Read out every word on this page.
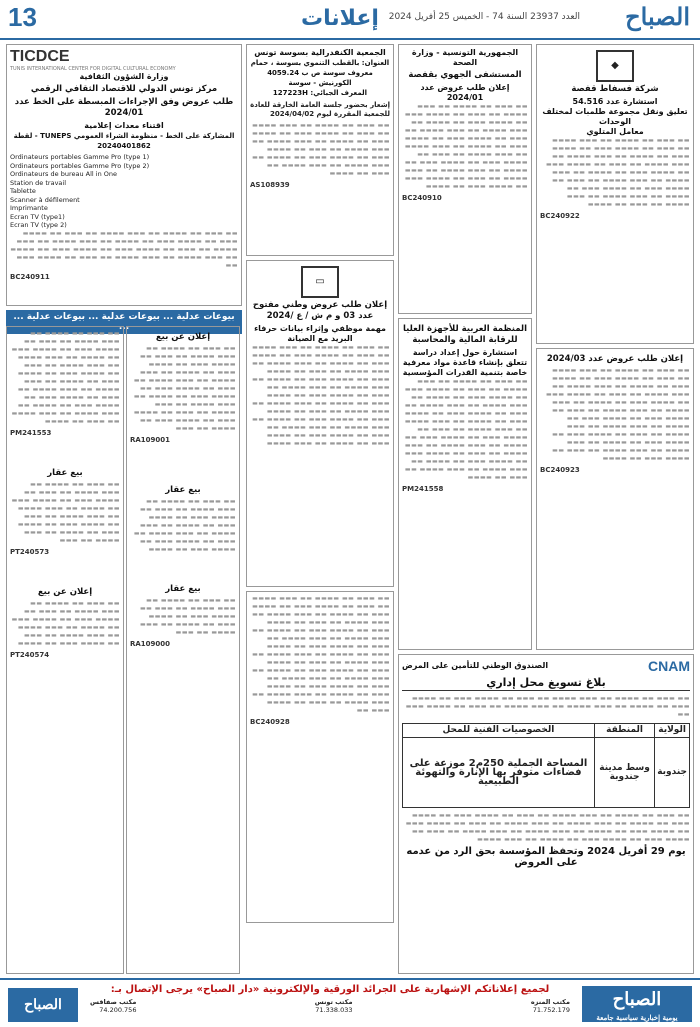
13	إعلانات	العدد 23937 السنة 74 - الخميس 25 أفريل 2024 الصباح
TICDCE
TUNIS INTERNATIONAL CENTER FOR DIGITAL CULTURAL ECONOMY
وزارة الشؤون الثقافية
مركز تونس الدولي للاقتصاد الثقافي الرقمي
طلب عروض وفق الإجراءات المبسطة على الخط عدد 2024/01
اقتناء معدات إعلامية
المشاركة على الخط - منظومة الشراء العمومي TUNEPS - لقطة 20240401862
Ordinateurs portables Gamme Pro (type 1)
Ordinateurs portables Gamme Pro (type 2)
Ordinateurs de bureau All in One
Station de travail
Tablette
Scanner à défilement
Imprimante
Ecran TV (type1)
Ecran TV (type 2)
▬▬ ▬▬▬ ▬▬ ▬▬▬▬ ▬▬ ▬▬▬ ▬▬▬▬ ▬▬ ▬▬▬ ▬▬ ▬▬▬▬ ▬▬▬ ▬▬ ▬▬▬▬ ▬▬▬ ▬▬ ▬▬▬▬ ▬▬ ▬▬▬ ▬▬▬▬ ▬▬ ▬▬▬ ▬▬▬▬ ▬▬ ▬▬▬ ▬▬ ▬▬▬▬ ▬▬▬ ▬▬ ▬▬▬▬ ▬▬▬ ▬▬ ▬▬▬▬ ▬▬ ▬▬▬ ▬▬▬▬ ▬▬ ▬▬▬ ▬▬▬▬ ▬▬ ▬▬▬ ▬▬ ▬▬▬▬ ▬▬▬ ▬▬
BC240911
... بيوعات عدلية ... بيوعات عدلية ... بيوعات عدلية ...
▬▬ ▬▬▬ ▬▬ ▬▬▬▬ ▬▬ ▬▬▬ ▬▬▬▬ ▬▬ ▬▬▬ ▬▬ ▬▬▬▬ ▬▬▬ ▬▬ ▬▬▬▬ ▬▬▬ ▬▬ ▬▬▬▬ ▬▬ ▬▬▬ ▬▬▬▬ ▬▬ ▬▬▬ ▬▬▬▬ ▬▬ ▬▬▬ ▬▬ ▬▬▬▬ ▬▬▬ ▬▬ ▬▬▬▬ ▬▬▬ ▬▬ ▬▬▬▬ ▬▬ ▬▬▬ ▬▬▬▬ ▬▬ ▬▬▬ ▬▬▬▬ ▬▬ ▬▬▬ ▬▬ ▬▬▬▬ ▬▬▬ ▬▬ ▬▬▬▬ ▬▬▬ ▬▬ ▬▬▬▬ ▬▬ ▬▬▬ ▬▬▬▬ ▬▬ ▬▬▬ ▬▬▬▬ ▬▬ ▬▬▬ ▬▬ ▬▬▬▬
PM241553
بيع عقار
▬▬ ▬▬▬ ▬▬ ▬▬▬▬ ▬▬ ▬▬▬ ▬▬▬▬ ▬▬ ▬▬▬ ▬▬ ▬▬▬▬ ▬▬▬ ▬▬ ▬▬▬▬ ▬▬▬ ▬▬ ▬▬▬▬ ▬▬ ▬▬▬ ▬▬▬▬ ▬▬ ▬▬▬ ▬▬▬▬ ▬▬ ▬▬▬ ▬▬ ▬▬▬▬ ▬▬▬ ▬▬ ▬▬▬▬ ▬▬▬ ▬▬ ▬▬▬▬ ▬▬ ▬▬▬ ▬▬▬▬ ▬▬ ▬▬▬
PT240573
إعلان عن بيع
▬▬ ▬▬▬ ▬▬ ▬▬▬▬ ▬▬ ▬▬▬ ▬▬▬▬ ▬▬ ▬▬▬ ▬▬ ▬▬▬▬ ▬▬▬ ▬▬ ▬▬▬▬ ▬▬▬ ▬▬ ▬▬▬▬ ▬▬ ▬▬▬ ▬▬▬▬ ▬▬ ▬▬▬ ▬▬▬▬ ▬▬ ▬▬▬ ▬▬ ▬▬▬▬ ▬▬▬ ▬▬ ▬▬▬▬
PT240574
إعلان عن بيع
▬▬ ▬▬▬ ▬▬ ▬▬▬▬ ▬▬ ▬▬▬ ▬▬▬▬ ▬▬ ▬▬▬ ▬▬ ▬▬▬▬ ▬▬▬ ▬▬ ▬▬▬▬ ▬▬▬ ▬▬ ▬▬▬▬ ▬▬ ▬▬▬ ▬▬▬▬ ▬▬ ▬▬▬ ▬▬▬▬ ▬▬ ▬▬▬ ▬▬ ▬▬▬▬ ▬▬▬ ▬▬ ▬▬▬▬ ▬▬▬ ▬▬ ▬▬▬▬ ▬▬ ▬▬▬ ▬▬▬▬ ▬▬ ▬▬▬ ▬▬▬▬ ▬▬ ▬▬▬ ▬▬ ▬▬▬▬ ▬▬▬ ▬▬ ▬▬▬▬ ▬▬▬ ▬▬ ▬▬▬▬ ▬▬ ▬▬▬
RA109001
بيع عقار
▬▬ ▬▬▬ ▬▬ ▬▬▬▬ ▬▬ ▬▬▬ ▬▬▬▬ ▬▬ ▬▬▬ ▬▬ ▬▬▬▬ ▬▬▬ ▬▬ ▬▬▬▬ ▬▬▬ ▬▬ ▬▬▬▬ ▬▬ ▬▬▬ ▬▬▬▬ ▬▬ ▬▬▬ ▬▬▬▬ ▬▬ ▬▬▬ ▬▬ ▬▬▬▬ ▬▬▬ ▬▬ ▬▬▬▬ ▬▬▬ ▬▬ ▬▬▬▬
بيع عقار
▬▬ ▬▬▬ ▬▬ ▬▬▬▬ ▬▬ ▬▬▬ ▬▬▬▬ ▬▬ ▬▬▬ ▬▬ ▬▬▬▬ ▬▬▬ ▬▬ ▬▬▬▬ ▬▬▬ ▬▬ ▬▬▬▬ ▬▬ ▬▬▬ ▬▬▬▬ ▬▬ ▬▬▬
RA109000
الجمعية الكنفدرالية بسوسة تونس
العنوان: بالقطب التنموي بسوسة ، حمام معروف سوسة ص ب 4059.24 الكورنيش - سوسة
المعرف الجبائي: 127223H
إشعار بحضور جلسة العامة الخارقة للعادة للجمعية المقررة ليوم 2024/04/02
▬▬ ▬▬▬ ▬▬ ▬▬▬▬ ▬▬ ▬▬▬ ▬▬▬▬ ▬▬ ▬▬▬ ▬▬ ▬▬▬▬ ▬▬▬ ▬▬ ▬▬▬▬ ▬▬▬ ▬▬ ▬▬▬▬ ▬▬ ▬▬▬ ▬▬▬▬ ▬▬ ▬▬▬ ▬▬▬▬ ▬▬ ▬▬▬ ▬▬ ▬▬▬▬ ▬▬▬ ▬▬ ▬▬▬▬ ▬▬▬ ▬▬ ▬▬▬▬ ▬▬ ▬▬▬ ▬▬▬▬ ▬▬ ▬▬▬ ▬▬▬▬ ▬▬ ▬▬▬ ▬▬ ▬▬▬▬
AS108939
▭
إعلان طلب عروض وطني مفتوح عدد 03 و م ش / ع /2024
مهمة موظفي وإثراء بيانات حرفاء البريد مع الصيانة
▬▬ ▬▬▬ ▬▬ ▬▬▬▬ ▬▬ ▬▬▬ ▬▬▬▬ ▬▬ ▬▬▬ ▬▬ ▬▬▬▬ ▬▬▬ ▬▬ ▬▬▬▬ ▬▬▬ ▬▬ ▬▬▬▬ ▬▬ ▬▬▬ ▬▬▬▬ ▬▬ ▬▬▬ ▬▬▬▬ ▬▬ ▬▬▬ ▬▬ ▬▬▬▬ ▬▬▬ ▬▬ ▬▬▬▬ ▬▬▬ ▬▬ ▬▬▬▬ ▬▬ ▬▬▬ ▬▬▬▬ ▬▬ ▬▬▬ ▬▬▬▬ ▬▬ ▬▬▬ ▬▬ ▬▬▬▬ ▬▬▬ ▬▬ ▬▬▬▬ ▬▬▬ ▬▬ ▬▬▬▬ ▬▬ ▬▬▬ ▬▬▬▬ ▬▬ ▬▬▬ ▬▬▬▬ ▬▬ ▬▬▬ ▬▬ ▬▬▬▬ ▬▬▬ ▬▬ ▬▬▬▬ ▬▬▬ ▬▬ ▬▬▬▬ ▬▬ ▬▬▬ ▬▬▬▬ ▬▬ ▬▬▬ ▬▬▬▬ ▬▬ ▬▬▬ ▬▬ ▬▬▬▬ ▬▬▬ ▬▬ ▬▬▬▬ ▬▬▬ ▬▬ ▬▬▬▬ ▬▬ ▬▬▬ ▬▬▬▬
▬▬ ▬▬▬ ▬▬ ▬▬▬▬ ▬▬ ▬▬▬ ▬▬▬▬ ▬▬ ▬▬▬ ▬▬ ▬▬▬▬ ▬▬▬ ▬▬ ▬▬▬▬ ▬▬▬ ▬▬ ▬▬▬▬ ▬▬ ▬▬▬ ▬▬▬▬ ▬▬ ▬▬▬ ▬▬▬▬ ▬▬ ▬▬▬ ▬▬ ▬▬▬▬ ▬▬▬ ▬▬ ▬▬▬▬ ▬▬▬ ▬▬ ▬▬▬▬ ▬▬ ▬▬▬ ▬▬▬▬ ▬▬ ▬▬▬ ▬▬▬▬ ▬▬ ▬▬▬ ▬▬ ▬▬▬▬ ▬▬▬ ▬▬ ▬▬▬▬ ▬▬▬ ▬▬ ▬▬▬▬ ▬▬ ▬▬▬ ▬▬▬▬ ▬▬ ▬▬▬ ▬▬▬▬ ▬▬ ▬▬▬ ▬▬ ▬▬▬▬ ▬▬▬ ▬▬ ▬▬▬▬ ▬▬▬ ▬▬ ▬▬▬▬ ▬▬ ▬▬▬ ▬▬▬▬ ▬▬ ▬▬▬ ▬▬▬▬ ▬▬ ▬▬▬ ▬▬ ▬▬▬▬ ▬▬▬ ▬▬ ▬▬▬▬ ▬▬▬ ▬▬ ▬▬▬▬ ▬▬ ▬▬▬ ▬▬▬▬ ▬▬ ▬▬▬ ▬▬▬▬ ▬▬ ▬▬▬ ▬▬ ▬▬▬▬ ▬▬▬ ▬▬
BC240928
الجمهورية التونسية - وزارة الصحة
المستشفى الجهوي بقفصة
إعلان طلب عروض عدد 2024/01
▬▬ ▬▬▬ ▬▬ ▬▬▬▬ ▬▬ ▬▬▬ ▬▬▬▬ ▬▬ ▬▬▬ ▬▬ ▬▬▬▬ ▬▬▬ ▬▬ ▬▬▬▬ ▬▬▬ ▬▬ ▬▬▬▬ ▬▬ ▬▬▬ ▬▬▬▬ ▬▬ ▬▬▬ ▬▬▬▬ ▬▬ ▬▬▬ ▬▬ ▬▬▬▬ ▬▬▬ ▬▬ ▬▬▬▬ ▬▬▬ ▬▬ ▬▬▬▬ ▬▬ ▬▬▬ ▬▬▬▬ ▬▬ ▬▬▬ ▬▬▬▬ ▬▬ ▬▬▬ ▬▬ ▬▬▬▬ ▬▬▬ ▬▬ ▬▬▬▬ ▬▬▬ ▬▬ ▬▬▬▬ ▬▬ ▬▬▬ ▬▬▬▬ ▬▬ ▬▬▬ ▬▬▬▬ ▬▬ ▬▬▬ ▬▬ ▬▬▬▬ ▬▬▬ ▬▬ ▬▬▬▬ ▬▬▬ ▬▬ ▬▬▬▬
BC240910
المنظمة العربية للأجهزة العليا للرقابة المالية والمحاسبة
استشارة حول إعداد دراسة تتعلق بإنشاء قاعدة مواد معرفية خاصة بتنمية القدرات المؤسسية
▬▬ ▬▬▬ ▬▬ ▬▬▬▬ ▬▬ ▬▬▬ ▬▬▬▬ ▬▬ ▬▬▬ ▬▬ ▬▬▬▬ ▬▬▬ ▬▬ ▬▬▬▬ ▬▬▬ ▬▬ ▬▬▬▬ ▬▬ ▬▬▬ ▬▬▬▬ ▬▬ ▬▬▬ ▬▬▬▬ ▬▬ ▬▬▬ ▬▬ ▬▬▬▬ ▬▬▬ ▬▬ ▬▬▬▬ ▬▬▬ ▬▬ ▬▬▬▬ ▬▬ ▬▬▬ ▬▬▬▬ ▬▬ ▬▬▬ ▬▬▬▬ ▬▬ ▬▬▬ ▬▬ ▬▬▬▬ ▬▬▬ ▬▬ ▬▬▬▬ ▬▬▬ ▬▬ ▬▬▬▬ ▬▬ ▬▬▬ ▬▬▬▬ ▬▬ ▬▬▬ ▬▬▬▬ ▬▬ ▬▬▬ ▬▬ ▬▬▬▬ ▬▬▬ ▬▬ ▬▬▬▬ ▬▬▬ ▬▬ ▬▬▬▬ ▬▬ ▬▬▬ ▬▬▬▬ ▬▬ ▬▬▬ ▬▬▬▬ ▬▬ ▬▬▬ ▬▬ ▬▬▬▬
PM241558
◆
شركة فسفاط قفصة
استشارة عدد 54.516
تعليق ونقل مجموعة طلمبات لمختلف الوحدات
معامل المتلوي
▬▬ ▬▬▬ ▬▬ ▬▬▬▬ ▬▬ ▬▬▬ ▬▬▬▬ ▬▬ ▬▬▬ ▬▬ ▬▬▬▬ ▬▬▬ ▬▬ ▬▬▬▬ ▬▬▬ ▬▬ ▬▬▬▬ ▬▬ ▬▬▬ ▬▬▬▬ ▬▬ ▬▬▬ ▬▬▬▬ ▬▬ ▬▬▬ ▬▬ ▬▬▬▬ ▬▬▬ ▬▬ ▬▬▬▬ ▬▬▬ ▬▬ ▬▬▬▬ ▬▬ ▬▬▬ ▬▬▬▬ ▬▬ ▬▬▬ ▬▬▬▬ ▬▬ ▬▬▬ ▬▬ ▬▬▬▬ ▬▬▬ ▬▬ ▬▬▬▬ ▬▬▬ ▬▬ ▬▬▬▬ ▬▬ ▬▬▬ ▬▬▬▬ ▬▬ ▬▬▬ ▬▬▬▬ ▬▬ ▬▬▬ ▬▬ ▬▬▬▬
BC240922
إعلان طلب عروض عدد 2024/03
▬▬ ▬▬▬ ▬▬ ▬▬▬▬ ▬▬ ▬▬▬ ▬▬▬▬ ▬▬ ▬▬▬ ▬▬ ▬▬▬▬ ▬▬▬ ▬▬ ▬▬▬▬ ▬▬▬ ▬▬ ▬▬▬▬ ▬▬ ▬▬▬ ▬▬▬▬ ▬▬ ▬▬▬ ▬▬▬▬ ▬▬ ▬▬▬ ▬▬ ▬▬▬▬ ▬▬▬ ▬▬ ▬▬▬▬ ▬▬▬ ▬▬ ▬▬▬▬ ▬▬ ▬▬▬ ▬▬▬▬ ▬▬ ▬▬▬ ▬▬▬▬ ▬▬ ▬▬▬ ▬▬ ▬▬▬▬ ▬▬▬ ▬▬ ▬▬▬▬ ▬▬▬ ▬▬ ▬▬▬▬ ▬▬ ▬▬▬ ▬▬▬▬ ▬▬ ▬▬▬ ▬▬▬▬ ▬▬ ▬▬▬ ▬▬ ▬▬▬▬ ▬▬▬ ▬▬ ▬▬▬▬ ▬▬▬ ▬▬ ▬▬▬▬ ▬▬ ▬▬▬ ▬▬▬▬ ▬▬ ▬▬▬ ▬▬▬▬ ▬▬ ▬▬▬ ▬▬ ▬▬▬▬ ▬▬▬ ▬▬ ▬▬▬▬
BC240923
CNAM
الصندوق الوطني للتأمين على المرض
بلاغ تسويغ محل إداري
▬▬ ▬▬▬ ▬▬ ▬▬▬▬ ▬▬ ▬▬▬ ▬▬▬▬ ▬▬ ▬▬▬ ▬▬ ▬▬▬▬ ▬▬▬ ▬▬ ▬▬▬▬ ▬▬▬ ▬▬ ▬▬▬▬ ▬▬ ▬▬▬ ▬▬▬▬ ▬▬ ▬▬▬ ▬▬▬▬ ▬▬ ▬▬▬ ▬▬ ▬▬▬▬ ▬▬▬ ▬▬
الولاية	المنطقة	الخصوصيات الفنية للمحل
جندوبة	وسط مدينة جندوبة	المساحة الجملية 250م2 موزعة على فضاءات متوفر بها الإنارة والتهوئة الطبيعية
▬▬ ▬▬▬ ▬▬ ▬▬▬▬ ▬▬ ▬▬▬ ▬▬▬▬ ▬▬ ▬▬▬ ▬▬ ▬▬▬▬ ▬▬▬ ▬▬ ▬▬▬▬ ▬▬▬ ▬▬ ▬▬▬▬ ▬▬ ▬▬▬ ▬▬▬▬ ▬▬ ▬▬▬ ▬▬▬▬ ▬▬ ▬▬▬ ▬▬ ▬▬▬▬ ▬▬▬ ▬▬ ▬▬▬▬ ▬▬▬ ▬▬ ▬▬▬▬ ▬▬ ▬▬▬ ▬▬▬▬ ▬▬ ▬▬▬ ▬▬▬▬ ▬▬ ▬▬▬ ▬▬ ▬▬▬▬ ▬▬▬ ▬▬ ▬▬▬▬ ▬▬▬ ▬▬ ▬▬▬▬ ▬▬ ▬▬▬ ▬▬▬▬
يوم 29 أفريل 2024 وتحفظ المؤسسة بحق الرد من عدمه على العروض
الصباح
لجميع إعلاناتكم الإشهارية على الجرائد الورقية والإلكترونية «دار الصباح» يرجى الإتصال بـ:
مكتب المنزه
71.752.179
مكتب تونس
71.338.033
مكتب صفاقس
74.200.756	الصباح
يومية إخبارية سياسية جامعة
